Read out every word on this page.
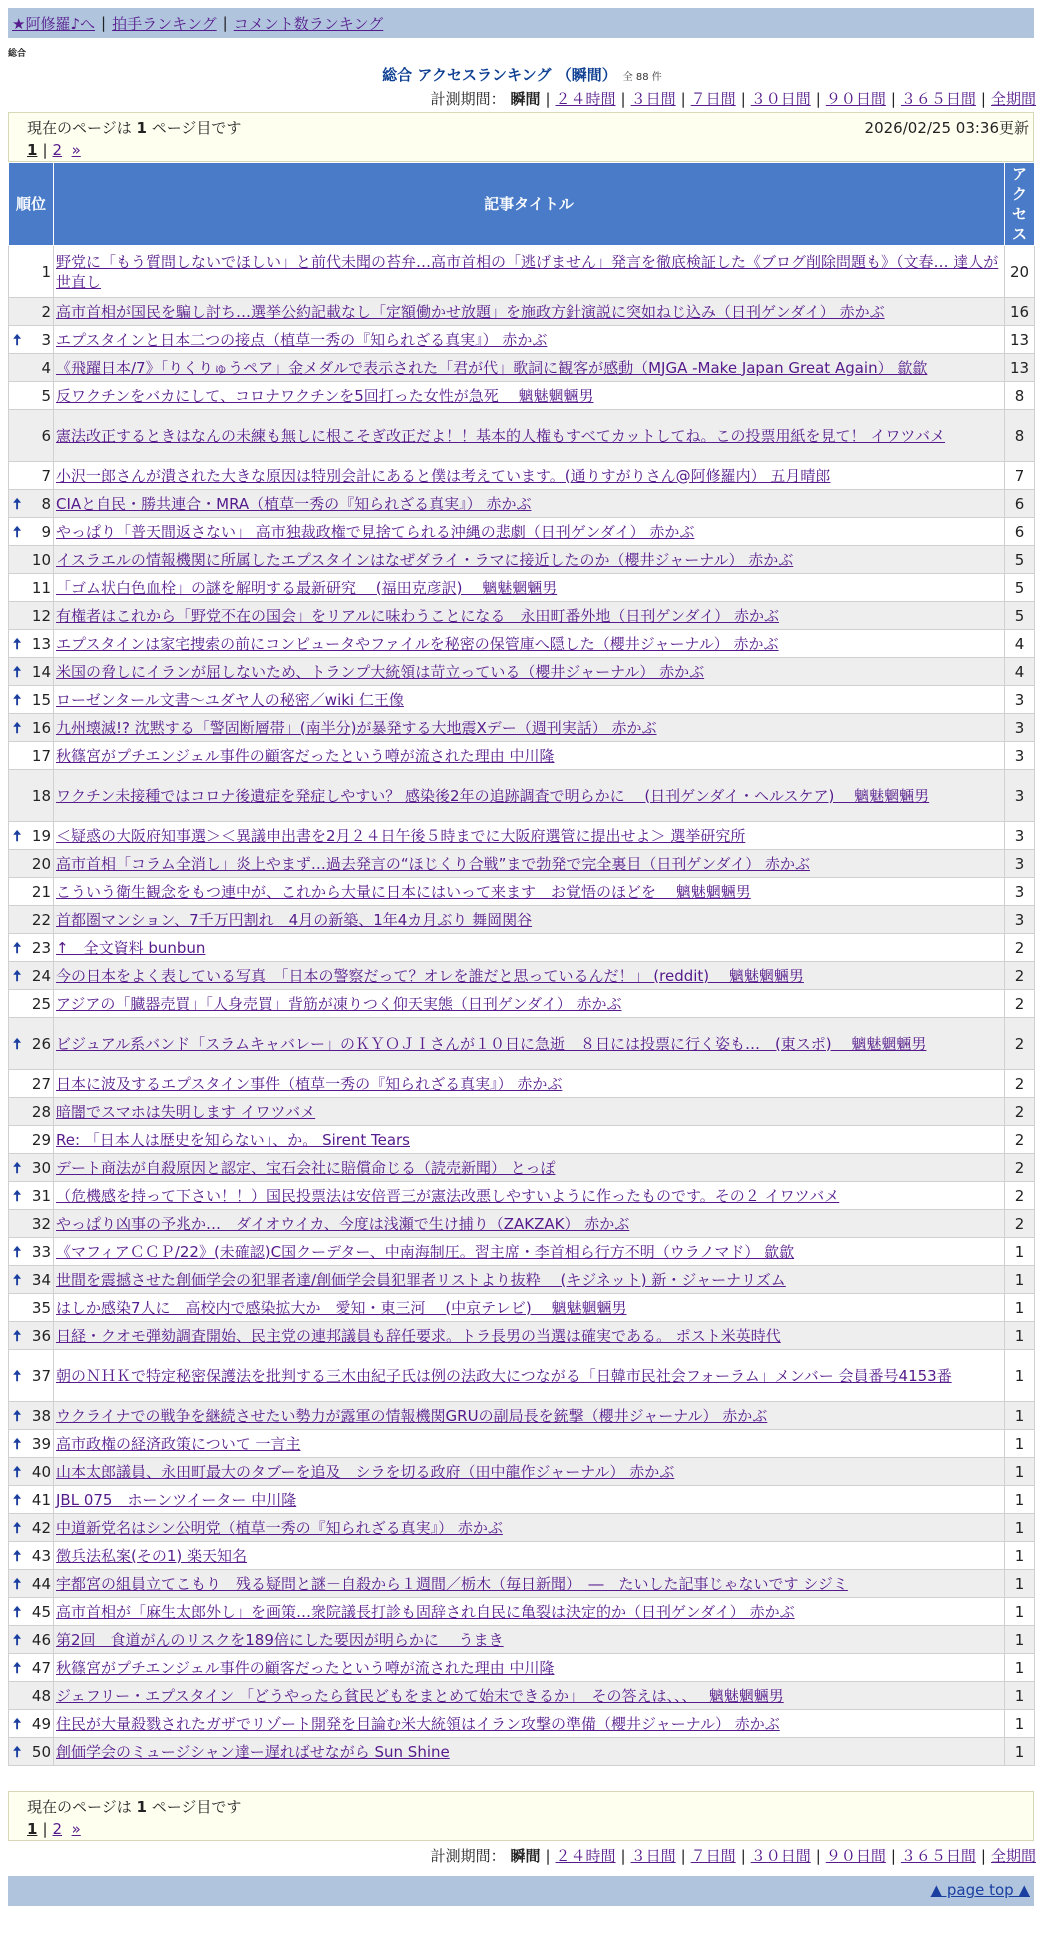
★阿修羅♪へ | 拍手ランキング | コメント数ランキング
総合
総合 アクセスランキング （瞬間） 全 88 件
計測期間： 瞬間 | ２４時間 | ３日間 | ７日間 | ３０日間 | ９０日間 | ３６５日間 | 全期間
現在のページは 1 ページ目です	2026/02/25 03:36更新
1 | 2 »
順位	記事タイトル	アクセス
1	野党に「もう質問しないでほしい」と前代未聞の苔弁…高市首相の「逃げません」発言を徹底検証した《ブログ削除問題も》（文春… 達人が世直し	20
2	高市首相が国民を騙し討ち…選挙公約記載なし「定額働かせ放題」を施政方針演説に突如ねじ込み（日刊ゲンダイ） 赤かぶ	16

🠅 3	エプスタインと日本二つの接点（植草一秀の『知られざる真実』） 赤かぶ	13
4	《飛躍日本/7》「りくりゅうペア」金メダルで表示された「君が代」歌詞に観客が感動（MJGA -Make Japan Great Again） 歙歙	13
5	反ワクチンをバカにして、コロナワクチンを5回打った女性が急死　 魑魅魍魎男	8
6	憲法改正するときはなんの未練も無しに根こそぎ改正だよ！！基本的人権もすべてカットしてね。この投票用紙を見て！ イワツバメ	8
7	小沢一郎さんが潰された大きな原因は特別会計にあると僕は考えています。(通りすがりさん@阿修羅内） 五月晴郎	7

🠅 8	CIAと自民・勝共連合・MRA（植草一秀の『知られざる真実』） 赤かぶ	6

🠅 9	やっぱり「普天間返さない」 高市独裁政権で見捨てられる沖縄の悲劇（日刊ゲンダイ） 赤かぶ	6
10	イスラエルの情報機関に所属したエプスタインはなぜダライ・ラマに接近したのか（櫻井ジャーナル） 赤かぶ	5
11	「ゴム状白色血栓」の謎を解明する最新研究　 (福田克彦訳)　 魑魅魍魎男	5
12	有権者はこれから「野党不在の国会」をリアルに味わうことになる　永田町番外地（日刊ゲンダイ） 赤かぶ	5

🠅 13	エプスタインは家宅捜索の前にコンピュータやファイルを秘密の保管庫へ隠した（櫻井ジャーナル） 赤かぶ	4

🠅 14	米国の脅しにイランが屈しないため、トランプ大統領は苛立っている（櫻井ジャーナル） 赤かぶ	4

🠅 15	ローゼンタール文書〜ユダヤ人の秘密／wiki 仁王像	3

🠅 16	九州壊滅!? 沈黙する「警固断層帯」(南半分)が暴発する大地震Xデー（週刊実話） 赤かぶ	3
17	秋篠宮がプチエンジェル事件の顧客だったという噂が流された理由 中川隆	3
18	ワクチン未接種ではコロナ後遺症を発症しやすい？ 感染後2年の追跡調査で明らかに　 (日刊ゲンダイ・ヘルスケア)　 魑魅魍魎男	3

🠅 19	＜疑惑の大阪府知事選＞＜異議申出書を2月２４日午後５時までに大阪府選管に提出せよ＞ 選挙研究所	3
20	高市首相「コラム全消し」炎上やまず…過去発言の“ほじくり合戦”まで勃発で完全裏目（日刊ゲンダイ） 赤かぶ	3
21	こういう衛生観念をもつ連中が、これから大量に日本にはいって来ます　お覚悟のほどを　 魑魅魍魎男	3
22	首都圏マンション、7千万円割れ　4月の新築、1年4カ月ぶり 舞岡関谷	3

🠅 23	↑　全文資料 bunbun	2

🠅 24	今の日本をよく表している写真　「日本の警察だって？オレを誰だと思っているんだ！」 (reddit)　 魑魅魍魎男	2
25	アジアの「臓器売買」「人身売買」背筋が凍りつく仰天実態（日刊ゲンダイ） 赤かぶ	2

🠅 26	ビジュアル系バンド「スラムキャバレー」のＫＹＯＪＩさんが１０日に急逝　８日には投票に行く姿も…　(東スポ)　 魑魅魍魎男	2
27	日本に波及するエプスタイン事件（植草一秀の『知られざる真実』） 赤かぶ	2
28	暗闇でスマホは失明します イワツバメ	2
29	Re: 「日本人は歴史を知らない」、か。 Sirent Tears	2

🠅 30	デート商法が自殺原因と認定、宝石会社に賠償命じる（読売新聞） とっぽ	2

🠅 31	（危機感を持って下さい！！）国民投票法は安倍晋三が憲法改悪しやすいように作ったものです。その２ イワツバメ	2
32	やっぱり凶事の予兆か…　ダイオウイカ、今度は浅瀬で生け捕り（ZAKZAK） 赤かぶ	2

🠅 33	《マフィアＣＣＰ/22》(未確認)C国クーデター、中南海制圧。習主席・李首相ら行方不明（ウラノマド） 歙歙	1

🠅 34	世間を震撼させた創価学会の犯罪者達/創価学会員犯罪者リストより抜粋　 (キジネット) 新・ジャーナリズム	1
35	はしか感染7人に　高校内で感染拡大か　愛知・東三河　 (中京テレビ)　 魑魅魍魎男	1

🠅 36	日経・クオモ弾劾調査開始、民主党の連邦議員も辞任要求。トラ長男の当選は確実である。 ポスト米英時代	1

🠅 37	朝のＮＨＫで特定秘密保護法を批判する三木由紀子氏は例の法政大につながる「日韓市民社会フォーラム」メンバー 会員番号4153番	1

🠅 38	ウクライナでの戦争を継続させたい勢力が露軍の情報機関GRUの副局長を銃撃（櫻井ジャーナル） 赤かぶ	1

🠅 39	高市政権の経済政策について 一言主	1

🠅 40	山本太郎議員、永田町最大のタブーを追及　シラを切る政府（田中龍作ジャーナル） 赤かぶ	1

🠅 41	JBL 075　ホーンツイーター 中川隆	1

🠅 42	中道新党名はシン公明党（植草一秀の『知られざる真実』） 赤かぶ	1

🠅 43	徴兵法私案(その1) 楽天知名	1

🠅 44	宇都宮の組員立てこもり　残る疑問と謎－自殺から１週間／栃木（毎日新聞）　―　たいした記事じゃないです シジミ	1

🠅 45	高市首相が「麻生太郎外し」を画策…衆院議長打診も固辞され自民に亀裂は決定的か（日刊ゲンダイ） 赤かぶ	1

🠅 46	第2回　食道がんのリスクを189倍にした要因が明らかに　 うまき	1

🠅 47	秋篠宮がプチエンジェル事件の顧客だったという噂が流された理由 中川隆	1
48	ジェフリー・エプスタイン 「どうやったら貧民どもをまとめて始末できるか」　その答えは、、、　 魑魅魍魎男	1

🠅 49	住民が大量殺戮されたガザでリゾート開発を目論む米大統領はイラン攻撃の準備（櫻井ジャーナル） 赤かぶ	1

🠅 50	創価学会のミュージシャン達ー遅ればせながら Sun Shine	1
現在のページは 1 ページ目です
1 | 2 »
計測期間： 瞬間 | ２４時間 | ３日間 | ７日間 | ３０日間 | ９０日間 | ３６５日間 | 全期間
▲ page top ▲
